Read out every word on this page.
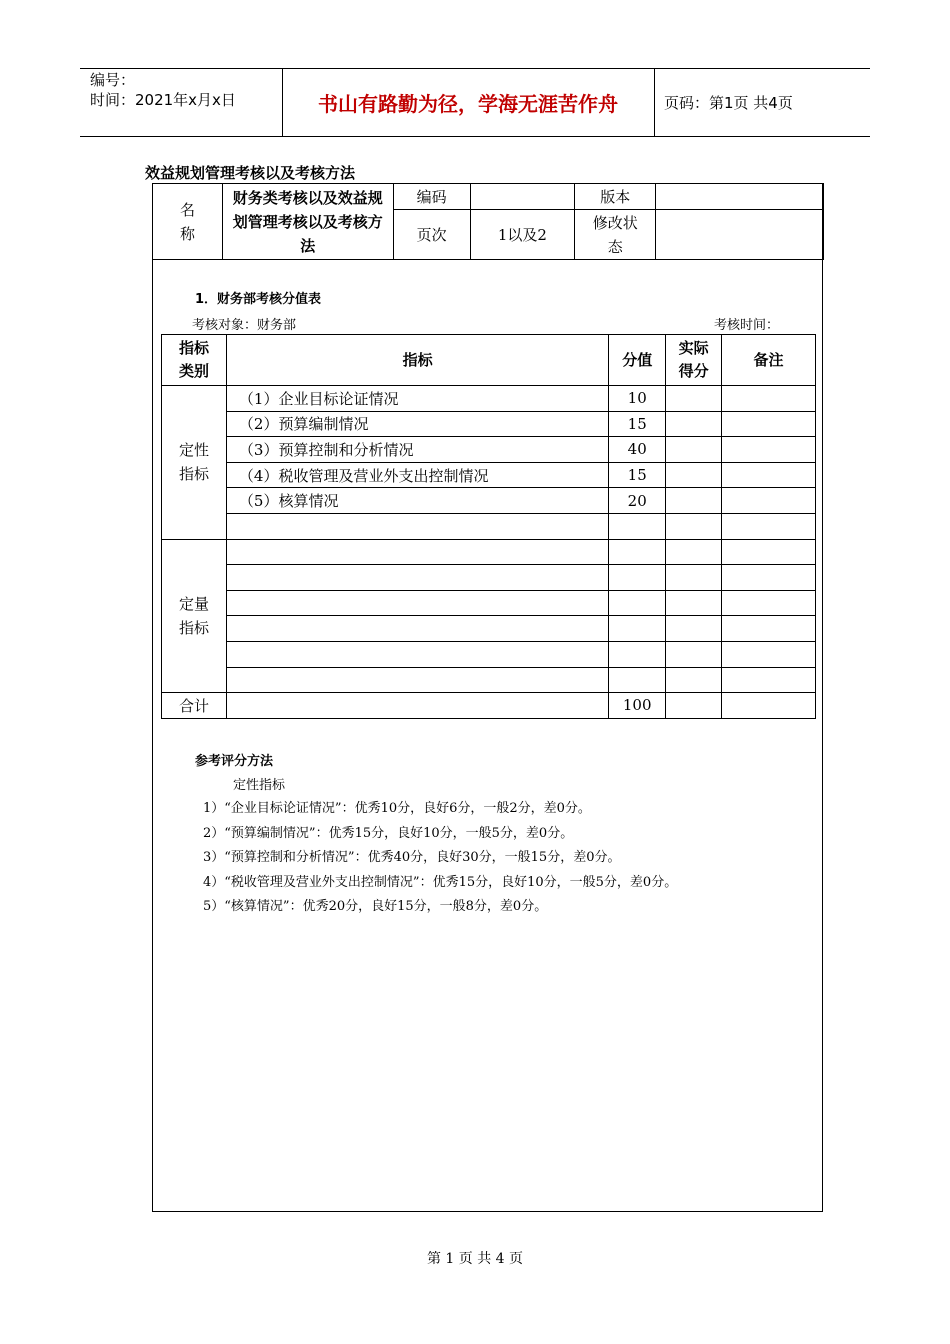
编号：
时间：2021年x月x日	书山有路勤为径，学海无涯苦作舟	页码：第1页 共4页
效益规划管理考核以及考核方法
名称	财务类考核以及效益规划管理考核以及考核方法	编码		版本	
		页次	1以及2	修改状态	
1．财务部考核分值表
考核对象：财务部	考核时间：
指标类别	指标	分值	实际得分	备注

定性指标	（1）企业目标论证情况	10		
	（2）预算编制情况	15		
	（3）预算控制和分析情况	40		
	（4）税收管理及营业外支出控制情况	15		
	（5）核算情况	20		

定量指标				

合计		100		
参考评分方法
定性指标
1）“企业目标论证情况”：优秀10分，良好6分，一般2分，差0分。
2）“预算编制情况”：优秀15分，良好10分，一般5分，差0分。
3）“预算控制和分析情况”：优秀40分，良好30分，一般15分，差0分。
4）“税收管理及营业外支出控制情况”：优秀15分，良好10分，一般5分，差0分。
5）“核算情况”：优秀20分，良好15分，一般8分，差0分。
第 1 页 共 4 页
